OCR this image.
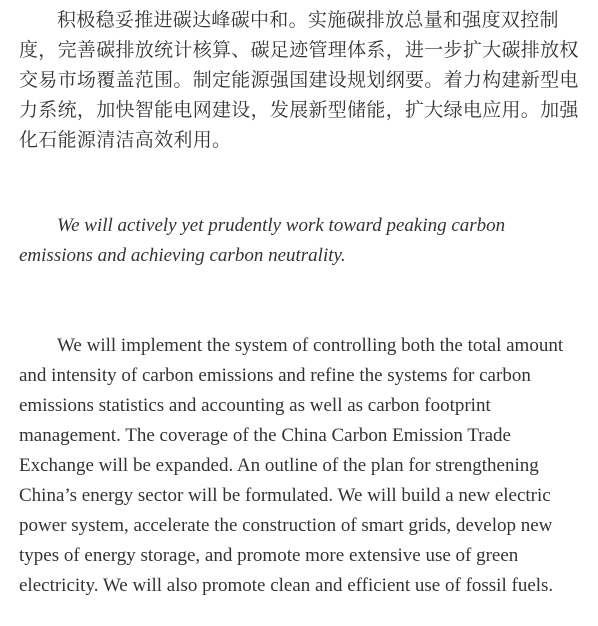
积极稳妥推进碳达峰碳中和。实施碳排放总量和强度双控制度，完善碳排放统计核算、碳足迹管理体系，进一步扩大碳排放权交易市场覆盖范围。制定能源强国建设规划纲要。着力构建新型电力系统，加快智能电网建设，发展新型储能，扩大绿电应用。加强化石能源清洁高效利用。

We will actively yet prudently work toward peaking carbon emissions and achieving carbon neutrality.

We will implement the system of controlling both the total amount and intensity of carbon emissions and refine the systems for carbon emissions statistics and accounting as well as carbon footprint management. The coverage of the China Carbon Emission Trade Exchange will be expanded. An outline of the plan for strengthening China’s energy sector will be formulated. We will build a new electric power system, accelerate the construction of smart grids, develop new types of energy storage, and promote more extensive use of green electricity. We will also promote clean and efficient use of fossil fuels.
